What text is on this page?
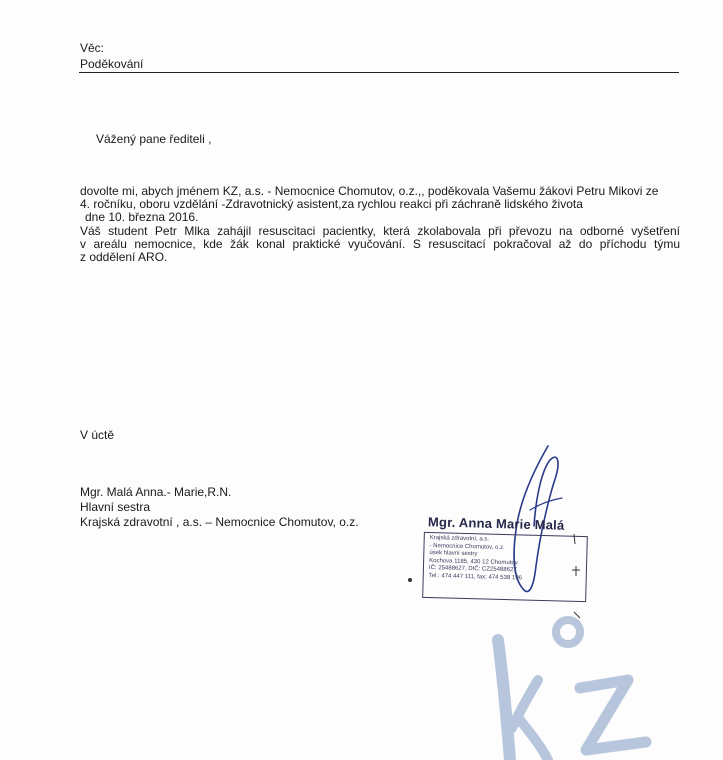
Věc:
Poděkování
Vážený pane řediteli ,
dovolte mi, abych jménem KZ, a.s. - Nemocnice Chomutov, o.z.,, poděkovala Vašemu žákovi Petru Mikovi ze
4. ročníku, oboru vzdělání -Zdravotnický asistent,za rychlou reakci při záchraně lidského života
dne 10. března 2016.
Váš student Petr Mlka zahájil resuscitaci pacientky, která zkolabovala při převozu na odborné vyšetření
v areálu nemocnice, kde žák konal praktické vyučování. S resuscitací pokračoval až do příchodu týmu
z oddělení ARO.
V úctě
Mgr. Malá Anna.- Marie,R.N.
Hlavní sestra
Krajská zdravotní , a.s. – Nemocnice Chomutov, o.z.	Mgr. Anna Marie Malá
Krajská zdravotní, a.s.
- Nemocnice Chomutov, o.z.
úsek hlavní sestry
Kochova 1185, 430 12 Chomutov
IČ: 25488627, DIČ: CZ25488627
Tel.: 474 447 111, fax: 474 538 196
